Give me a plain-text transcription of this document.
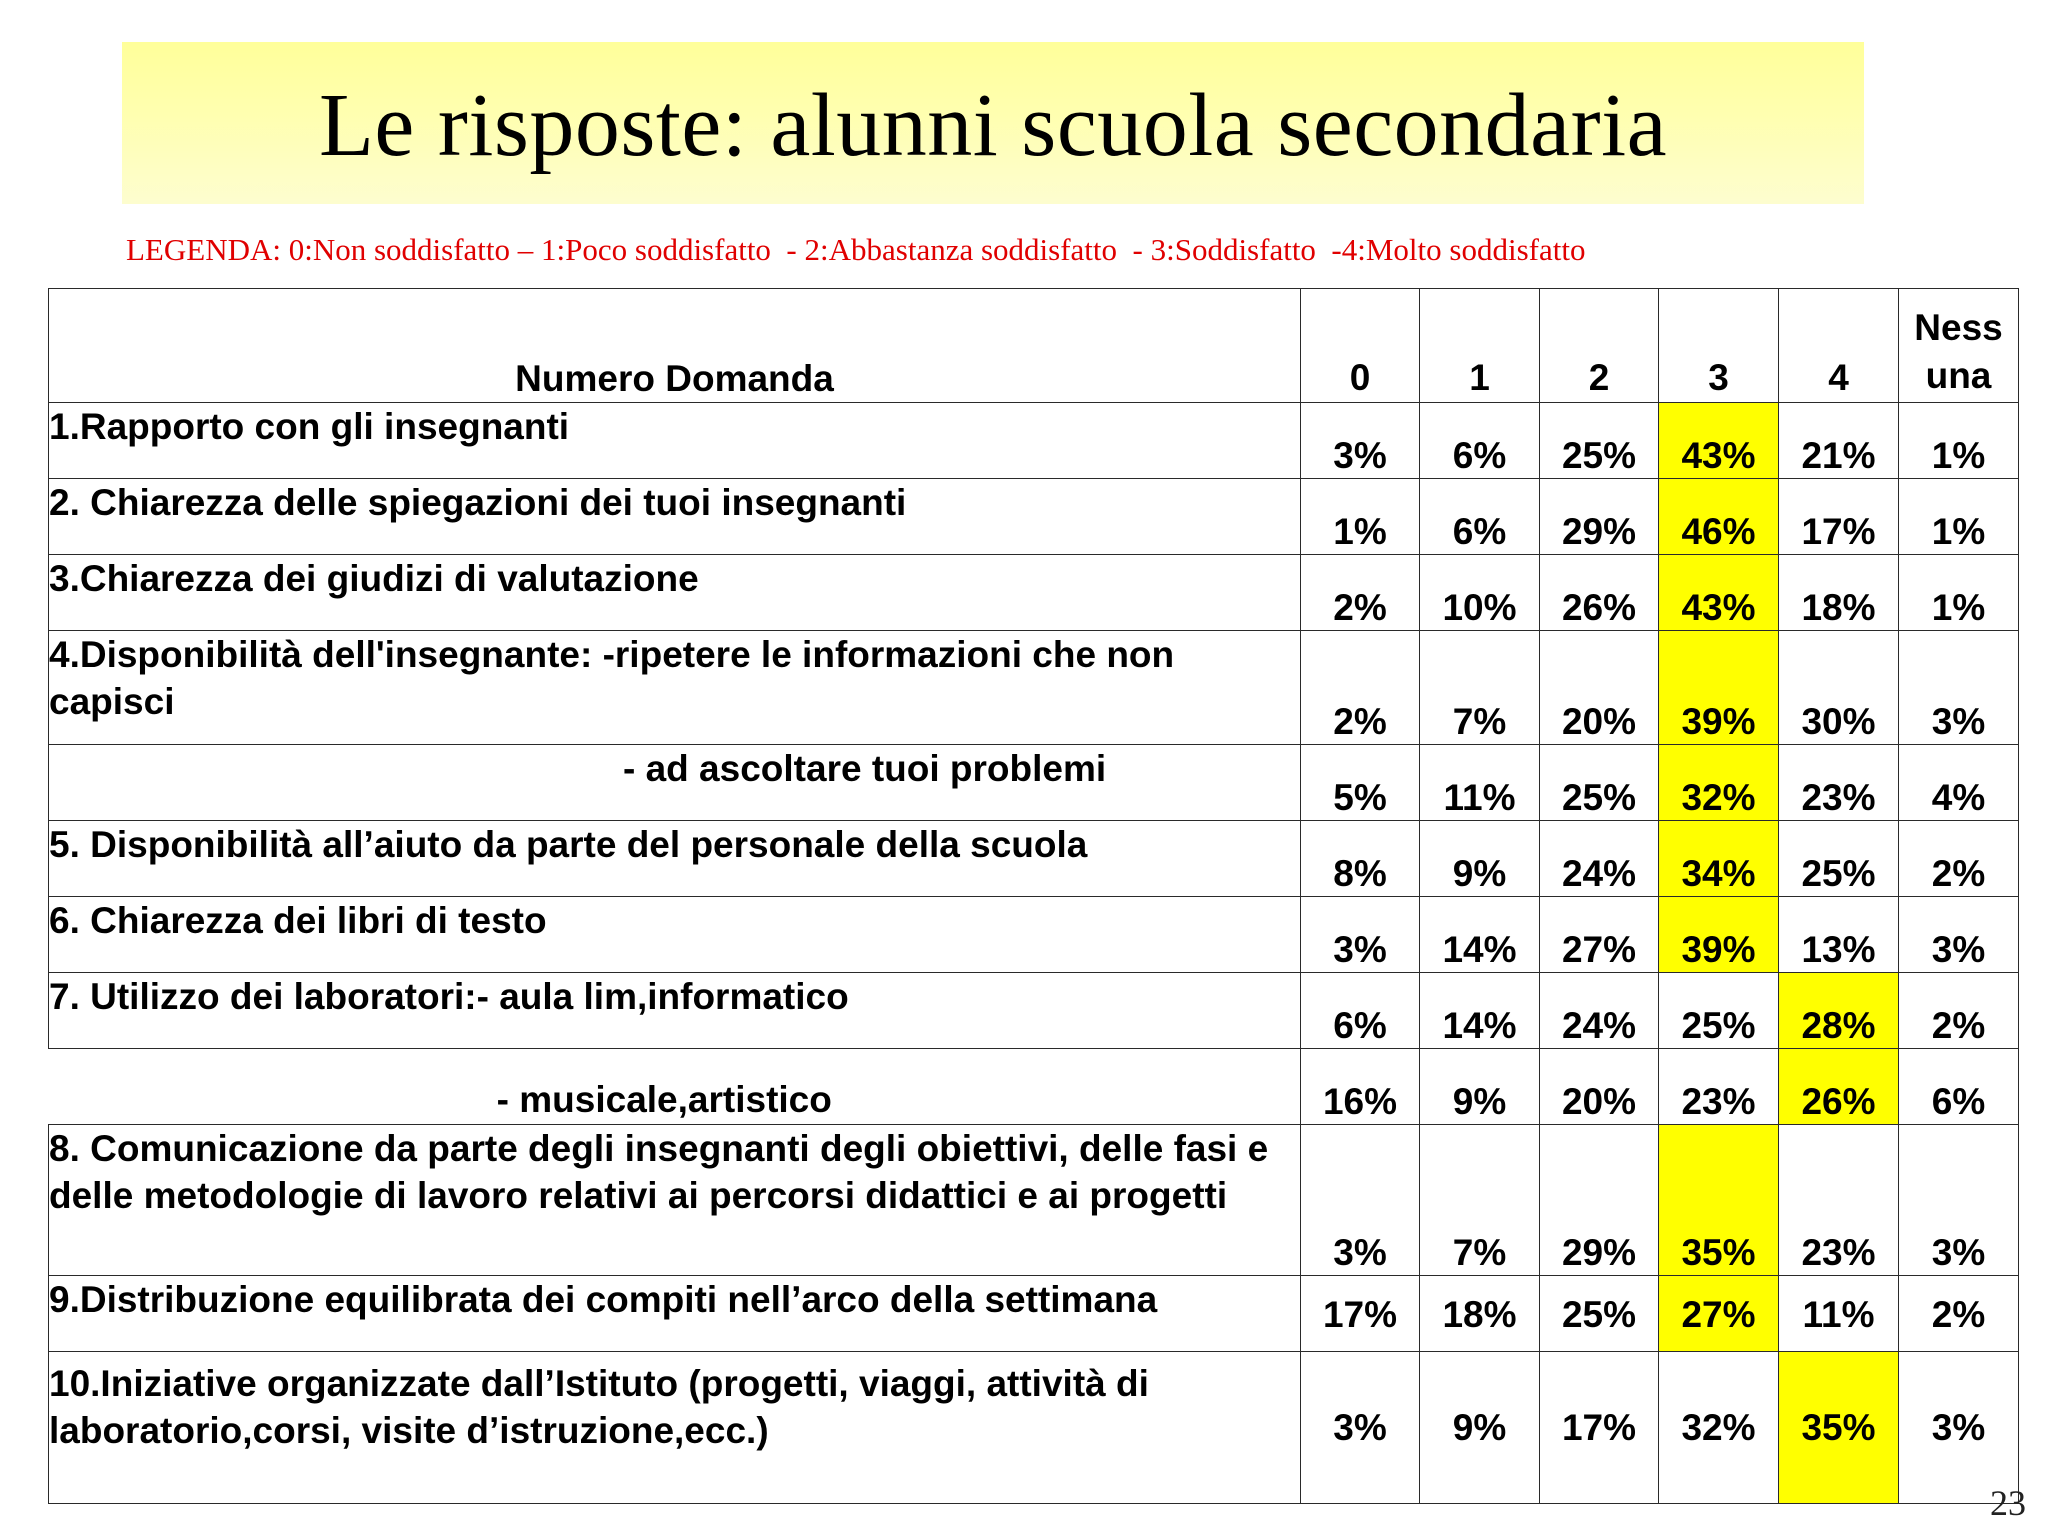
Le risposte: alunni scuola secondaria
LEGENDA: 0:Non soddisfatto – 1:Poco soddisfatto  - 2:Abbastanza soddisfatto  - 3:Soddisfatto  -4:Molto soddisfatto
Numero Domanda	0	1	2	3	4	Nessuna
1.Rapporto con gli insegnanti	3%	6%	25%	43%	21%	1%
2. Chiarezza delle spiegazioni dei tuoi insegnanti	1%	6%	29%	46%	17%	1%
3.Chiarezza dei giudizi di valutazione	2%	10%	26%	43%	18%	1%
4.Disponibilità dell'insegnante: -ripetere le informazioni che non capisci	2%	7%	20%	39%	30%	3%
- ad ascoltare tuoi problemi	5%	11%	25%	32%	23%	4%
5. Disponibilità all’aiuto da parte del personale della scuola	8%	9%	24%	34%	25%	2%
6. Chiarezza dei libri di testo	3%	14%	27%	39%	13%	3%
7. Utilizzo dei laboratori:- aula lim,informatico	6%	14%	24%	25%	28%	2%
- musicale,artistico	16%	9%	20%	23%	26%	6%
8. Comunicazione da parte degli insegnanti degli obiettivi, delle fasi e delle metodologie di lavoro relativi ai percorsi didattici e ai progetti	3%	7%	29%	35%	23%	3%
9.Distribuzione equilibrata dei compiti nell’arco della settimana	17%	18%	25%	27%	11%	2%
10.Iniziative organizzate dall’Istituto (progetti, viaggi, attività di laboratorio,corsi, visite d’istruzione,ecc.)	3%	9%	17%	32%	35%	3%
23
